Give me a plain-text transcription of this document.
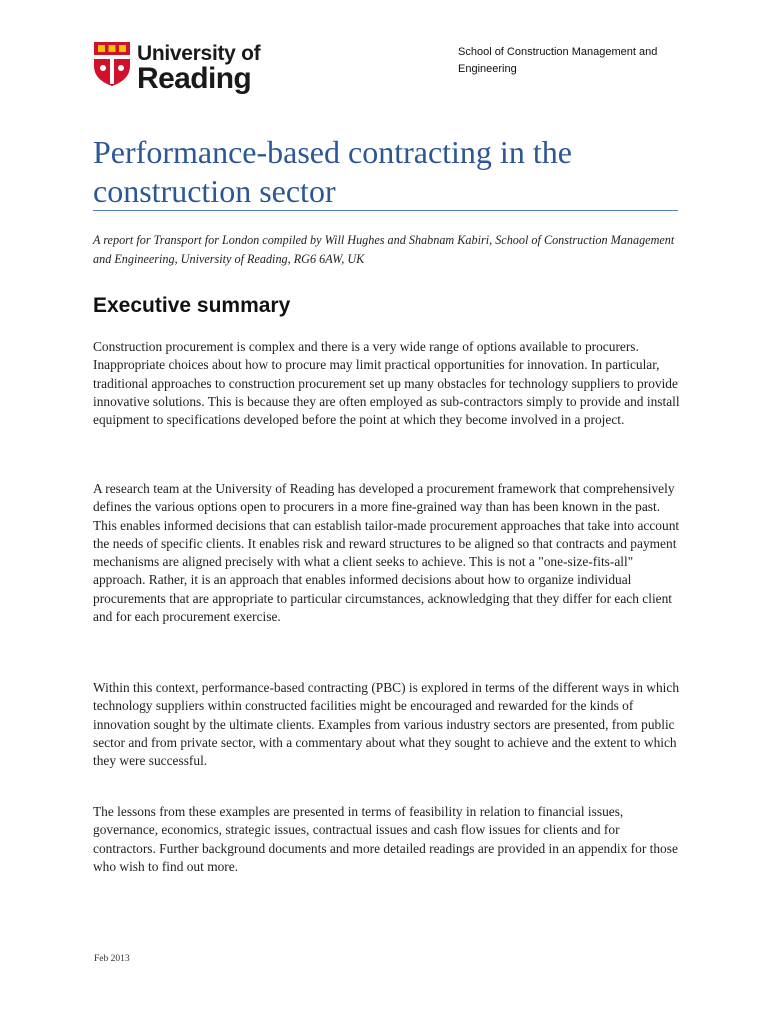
University of
Reading
School of Construction Management and Engineering
Performance-based contracting in the construction sector

A report for Transport for London compiled by Will Hughes and Shabnam Kabiri, School of Construction Management and Engineering, University of Reading, RG6 6AW, UK

Executive summary

Construction procurement is complex and there is a very wide range of options available to procurers. Inappropriate choices about how to procure may limit practical opportunities for innovation. In particular, traditional approaches to construction procurement set up many obstacles for technology suppliers to provide innovative solutions. This is because they are often employed as sub-contractors simply to provide and install equipment to specifications developed before the point at which they become involved in a project.

A research team at the University of Reading has developed a procurement framework that comprehensively defines the various options open to procurers in a more fine-grained way than has been known in the past. This enables informed decisions that can establish tailor-made procurement approaches that take into account the needs of specific clients. It enables risk and reward structures to be aligned so that contracts and payment mechanisms are aligned precisely with what a client seeks to achieve. This is not a "one-size-fits-all" approach. Rather, it is an approach that enables informed decisions about how to organize individual procurements that are appropriate to particular circumstances, acknowledging that they differ for each client and for each procurement exercise.

Within this context, performance-based contracting (PBC) is explored in terms of the different ways in which technology suppliers within constructed facilities might be encouraged and rewarded for the kinds of innovation sought by the ultimate clients. Examples from various industry sectors are presented, from public sector and from private sector, with a commentary about what they sought to achieve and the extent to which they were successful.

The lessons from these examples are presented in terms of feasibility in relation to financial issues, governance, economics, strategic issues, contractual issues and cash flow issues for clients and for contractors. Further background documents and more detailed readings are provided in an appendix for those who wish to find out more.

Feb 2013
